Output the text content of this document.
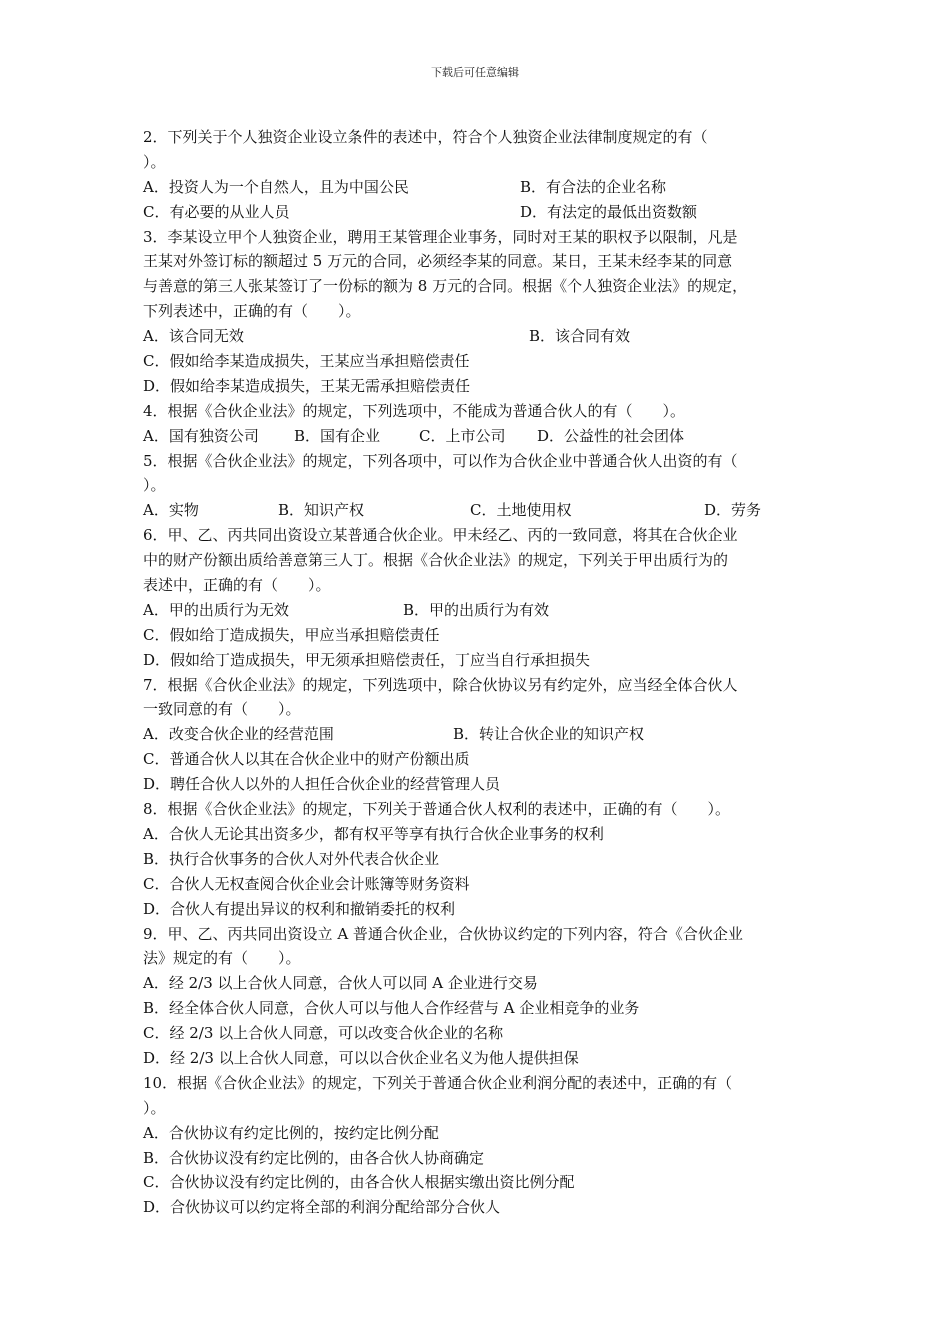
下载后可任意编辑
2．下列关于个人独资企业设立条件的表述中，符合个人独资企业法律制度规定的有（
）。
A．投资人为一个自然人，且为中国公民	B．有合法的企业名称
C．有必要的从业人员	D．有法定的最低出资数额
3．李某设立甲个人独资企业，聘用王某管理企业事务，同时对王某的职权予以限制，凡是
王某对外签订标的额超过 5 万元的合同，必须经李某的同意。某日，王某未经李某的同意
与善意的第三人张某签订了一份标的额为 8 万元的合同。根据《个人独资企业法》的规定，
下列表述中，正确的有（　　）。
A．该合同无效	B．该合同有效
C．假如给李某造成损失，王某应当承担赔偿责任
D．假如给李某造成损失，王某无需承担赔偿责任
4．根据《合伙企业法》的规定，下列选项中，不能成为普通合伙人的有（　　）。
A．国有独资公司 B．国有企业	C．上市公司 D．公益性的社会团体
5．根据《合伙企业法》的规定，下列各项中，可以作为合伙企业中普通合伙人出资的有（
）。
A．实物	B．知识产权	C．土地使用权	D．劳务
6．甲、乙、丙共同出资设立某普通合伙企业。甲未经乙、丙的一致同意，将其在合伙企业
中的财产份额出质给善意第三人丁。根据《合伙企业法》的规定，下列关于甲出质行为的
表述中，正确的有（　　）。
A．甲的出质行为无效	B．甲的出质行为有效
C．假如给丁造成损失，甲应当承担赔偿责任
D．假如给丁造成损失，甲无须承担赔偿责任，丁应当自行承担损失
7．根据《合伙企业法》的规定，下列选项中，除合伙协议另有约定外，应当经全体合伙人
一致同意的有（　　）。
A．改变合伙企业的经营范围	B．转让合伙企业的知识产权
C．普通合伙人以其在合伙企业中的财产份额出质
D．聘任合伙人以外的人担任合伙企业的经营管理人员
8．根据《合伙企业法》的规定，下列关于普通合伙人权利的表述中，正确的有（　　）。
A．合伙人无论其出资多少，都有权平等享有执行合伙企业事务的权利
B．执行合伙事务的合伙人对外代表合伙企业
C．合伙人无权查阅合伙企业会计账簿等财务资料
D．合伙人有提出异议的权利和撤销委托的权利
9．甲、乙、丙共同出资设立 A 普通合伙企业，合伙协议约定的下列内容，符合《合伙企业
法》规定的有（　　）。
A．经 2/3 以上合伙人同意，合伙人可以同 A 企业进行交易
B．经全体合伙人同意，合伙人可以与他人合作经营与 A 企业相竞争的业务
C．经 2/3 以上合伙人同意，可以改变合伙企业的名称
D．经 2/3 以上合伙人同意，可以以合伙企业名义为他人提供担保
10．根据《合伙企业法》的规定，下列关于普通合伙企业利润分配的表述中，正确的有（
）。
A．合伙协议有约定比例的，按约定比例分配
B．合伙协议没有约定比例的，由各合伙人协商确定
C．合伙协议没有约定比例的，由各合伙人根据实缴出资比例分配
D．合伙协议可以约定将全部的利润分配给部分合伙人
